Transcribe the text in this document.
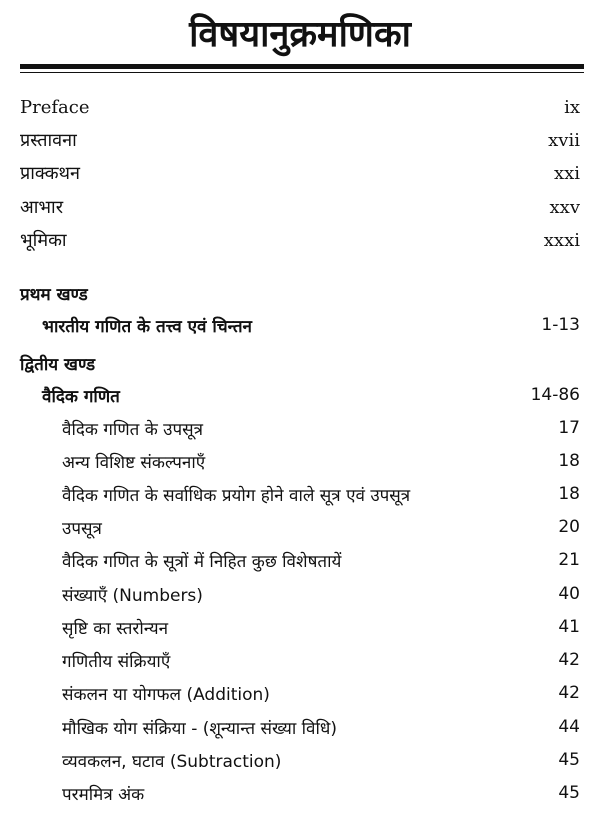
विषयानुक्रमणिका
Preface	ix
प्रस्तावना	xvii
प्राक्कथन	xxi
आभार	xxv
भूमिका	xxxi
प्रथम खण्ड
भारतीय गणित के तत्त्व एवं चिन्तन	1-13
द्वितीय खण्ड
वैदिक गणित	14-86
वैदिक गणित के उपसूत्र	17
अन्य विशिष्ट संकल्पनाएँ	18
वैदिक गणित के सर्वाधिक प्रयोग होने वाले सूत्र एवं उपसूत्र	18
उपसूत्र	20
वैदिक गणित के सूत्रों में निहित कुछ विशेषतायें	21
संख्याएँ (Numbers)	40
सृष्टि का स्तरोन्यन	41
गणितीय संक्रियाएँ	42
संकलन या योगफल (Addition)	42
मौखिक योग संक्रिया - (शून्यान्त संख्या विधि)	44
व्यवकलन, घटाव (Subtraction)	45
परममित्र अंक	45
